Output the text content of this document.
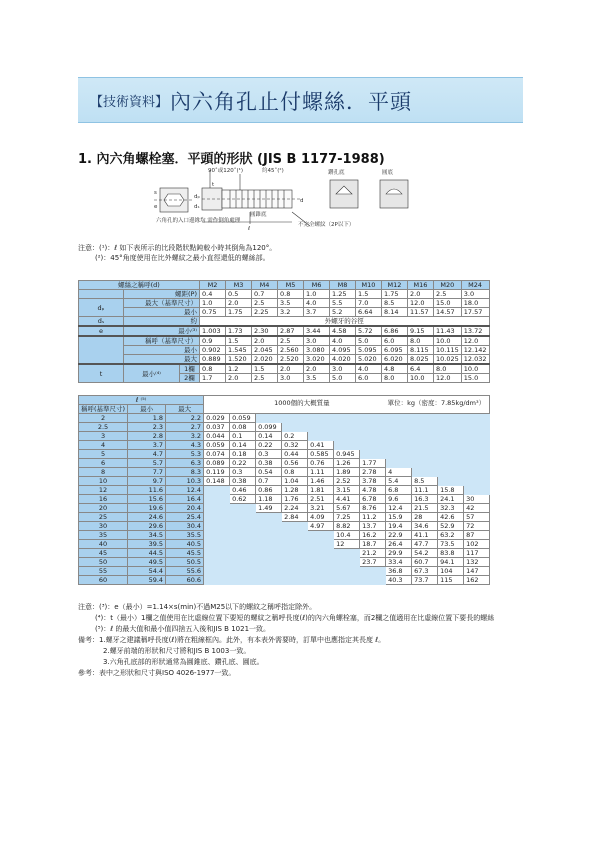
【技術資料】 內六角孔止付螺絲．平頭
1. 內六角螺栓塞．平頭的形狀 (JIS B 1177-1988)
90˚或120˚(¹)	約45˚(²)	鑽孔底	圓底
d
dₚ
dₛ
s
t
e
ℓ
圓錐底
六角孔的入口邊緣均 需作倒角處理
不完全螺紋（2P以下）
注意：(¹)：ℓ 如下表所示的比段階狀點鈍較小時其倒角為120°。
(²)：45°角度使用在比外螺紋之最小直徑還低的螺絲部。
螺絲之稱呼(d)			M2	M3	M4	M5	M6	M8	M10	M12	M16	M20	M24
	螺距(P)		0.4	0.5	0.7	0.8	1.0	1.25	1.5	1.75	2.0	2.5	3.0
dₚ	最大（基準尺寸）		1.0	2.0	2.5	3.5	4.0	5.5	7.0	8.5	12.0	15.0	18.0
	最小		0.75	1.75	2.25	3.2	3.7	5.2	6.64	8.14	11.57	14.57	17.57
dₛ	約		外螺牙的谷徑										
e	最小⁽³⁾		1.003	1.73	2.30	2.87	3.44	4.58	5.72	6.86	9.15	11.43	13.72
	稱呼（基準尺寸）		0.9	1.5	2.0	2.5	3.0	4.0	5.0	6.0	8.0	10.0	12.0
	最小		0.902	1.545	2.045	2.560	3.080	4.095	5.095	6.095	8.115	10.115	12.142
	最大		0.889	1.520	2.020	2.520	3.020	4.020	5.020	6.020	8.025	10.025	12.032
t	最小⁽⁴⁾	1欄	0.8	1.2	1.5	2.0	2.0	3.0	4.0	4.8	6.4	8.0	10.0
		2欄	1.7	2.0	2.5	3.0	3.5	5.0	6.0	8.0	10.0	12.0	15.0
ℓ ⁽⁵⁾			1000個的大概質量 單位：kg（密度：7.85kg/dm³）										

稱呼(基準尺寸)	最小	最大											
2	1.8	2.2	0.029	0.059									
2.5	2.3	2.7	0.037	0.08	0.099								
3	2.8	3.2	0.044	0.1	0.14	0.2							
4	3.7	4.3	0.059	0.14	0.22	0.32	0.41						
5	4.7	5.3	0.074	0.18	0.3	0.44	0.585	0.945					
6	5.7	6.3	0.089	0.22	0.38	0.56	0.76	1.26	1.77				
8	7.7	8.3	0.119	0.3	0.54	0.8	1.11	1.89	2.78	4			
10	9.7	10.3	0.148	0.38	0.7	1.04	1.46	2.52	3.78	5.4	8.5		
12	11.6	12.4		0.46	0.86	1.28	1.81	3.15	4.78	6.8	11.1	15.8	
16	15.6	16.4		0.62	1.18	1.76	2.51	4.41	6.78	9.6	16.3	24.1	30
20	19.6	20.4			1.49	2.24	3.21	5.67	8.76	12.4	21.5	32.3	42
25	24.6	25.4				2.84	4.09	7.25	11.2	15.9	28	42.6	57
30	29.6	30.4					4.97	8.82	13.7	19.4	34.6	52.9	72
35	34.5	35.5						10.4	16.2	22.9	41.1	63.2	87
40	39.5	40.5						12	18.7	26.4	47.7	73.5	102
45	44.5	45.5							21.2	29.9	54.2	83.8	117
50	49.5	50.5							23.7	33.4	60.7	94.1	132
55	54.4	55.6								36.8	67.3	104	147
60	59.4	60.6								40.3	73.7	115	162
注意：(³)：e（最小）=1.14×s(min)不過M25以下的螺紋之稱呼指定除外。
(⁴)：t（最小）1欄之值使用在比虛線位置下要短的螺紋之稱呼長度(ℓ)的內六角螺栓塞，而2欄之值適用在比虛線位置下要長的螺絲
(⁵)：ℓ 的最大值和最小值四捨五入後和JIS B 1021一致。
備考：1.螺牙之建議稱呼長度(ℓ)將在粗線框內。此外，有本表外需要時，訂單中也應指定其長度 ℓ。
2.螺牙前端的形狀和尺寸將和JIS B 1003一致。
3.六角孔底部的形狀通常為圓錐底、鑽孔底、圓底。
參考：表中之形狀和尺寸與ISO 4026-1977一致。
